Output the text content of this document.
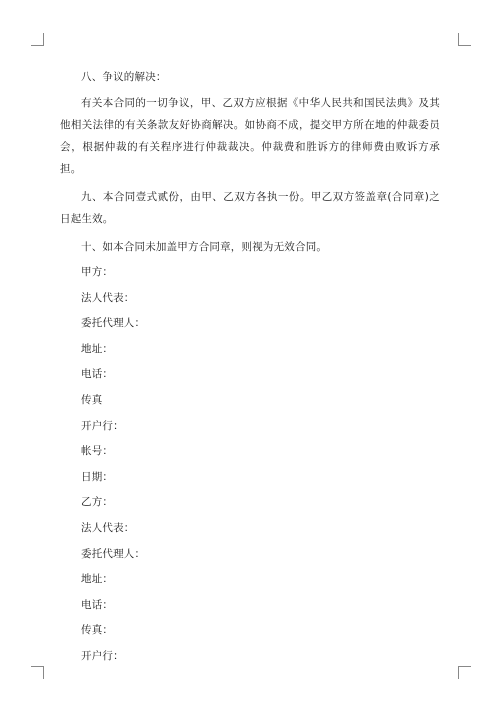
八、争议的解决：

有关本合同的一切争议，甲、乙双方应根据《中华人民共和国民法典》及其他相关法律的有关条款友好协商解决。如协商不成，提交甲方所在地的仲裁委员会，根据仲裁的有关程序进行仲裁裁决。仲裁费和胜诉方的律师费由败诉方承担。

九、本合同壹式贰份，由甲、乙双方各执一份。甲乙双方签盖章(合同章)之日起生效。

十、如本合同未加盖甲方合同章，则视为无效合同。

甲方：
法人代表：
委托代理人：
地址：
电话：
传真
开户行：
帐号：
日期：
乙方：
法人代表：
委托代理人：
地址：
电话：
传真：
开户行：
